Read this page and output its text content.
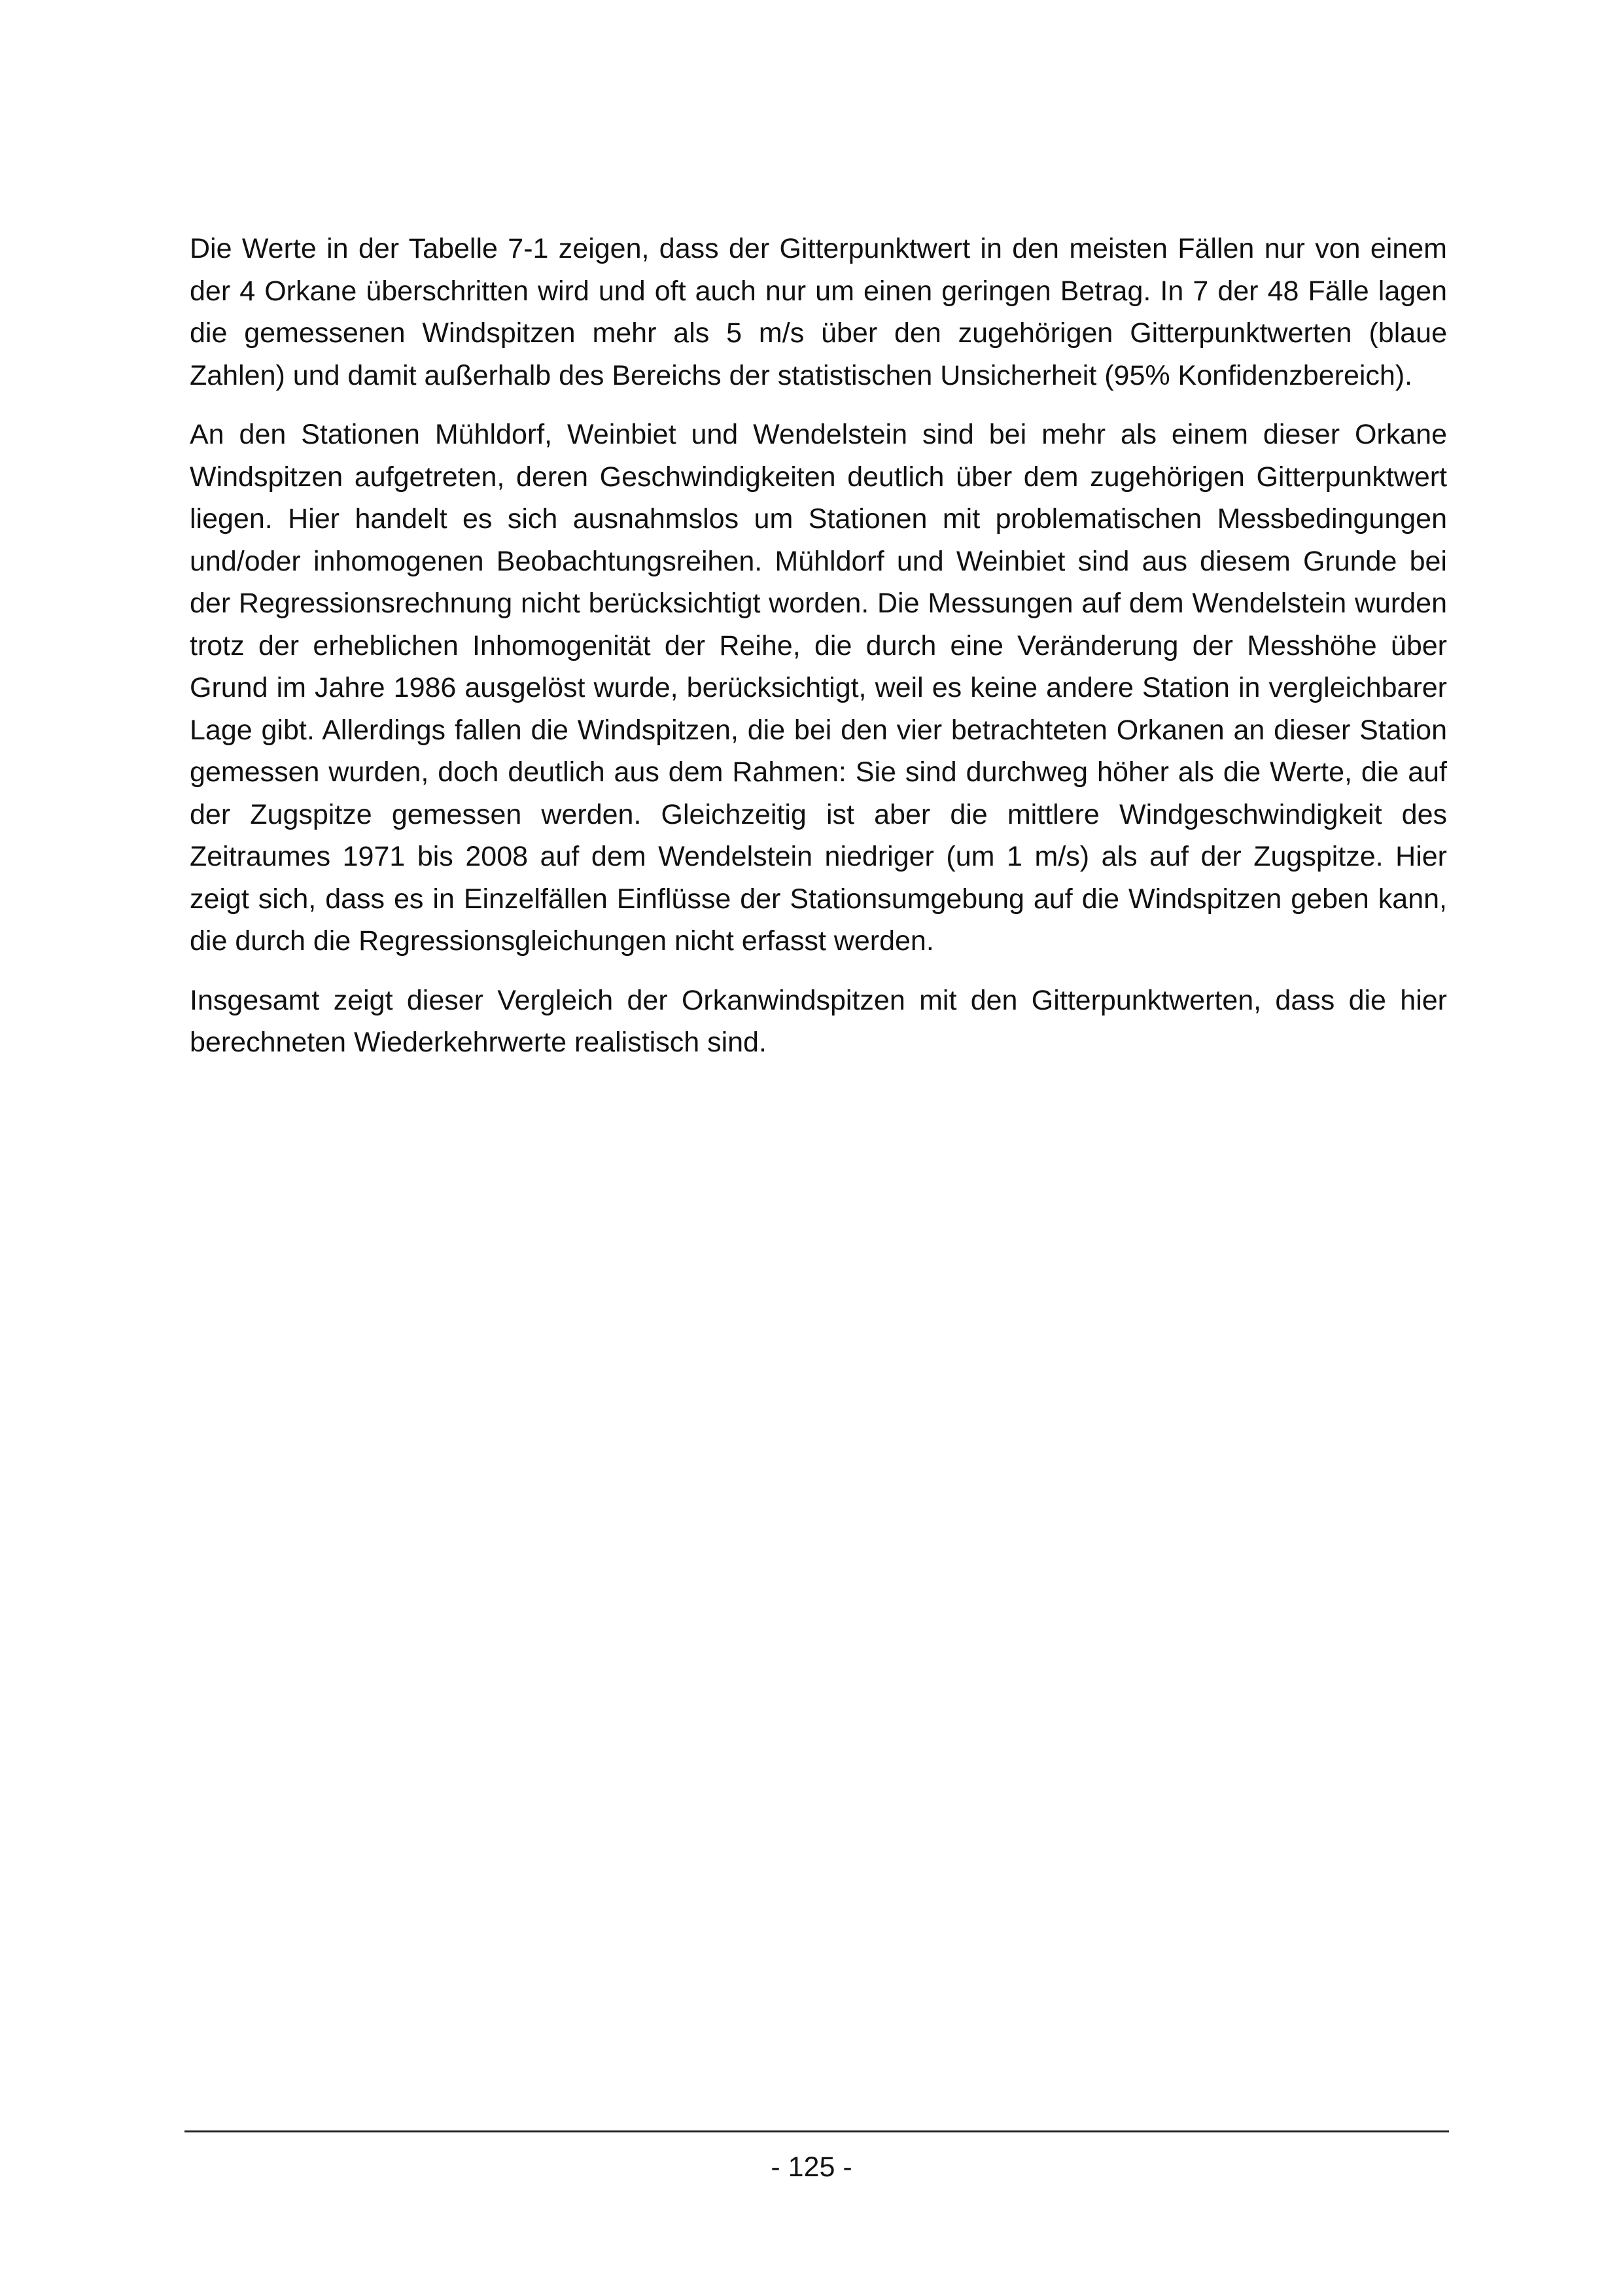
Die Werte in der Tabelle 7-1 zeigen, dass der Gitterpunktwert in den meisten Fällen nur von einem der 4 Orkane überschritten wird und oft auch nur um einen geringen Betrag. In 7 der 48 Fälle lagen die gemessenen Windspitzen mehr als 5 m/s über den zugehörigen Gitterpunktwerten (blaue Zahlen) und damit außerhalb des Bereichs der statistischen Unsicherheit (95% Konfidenzbereich).

An den Stationen Mühldorf, Weinbiet und Wendelstein sind bei mehr als einem dieser Orkane Windspitzen aufgetreten, deren Geschwindigkeiten deutlich über dem zugehörigen Gitterpunktwert liegen. Hier handelt es sich ausnahmslos um Stationen mit problematischen Messbedingungen und/oder inhomogenen Beobachtungsreihen. Mühldorf und Weinbiet sind aus diesem Grunde bei der Regressionsrechnung nicht berücksichtigt worden. Die Messungen auf dem Wendelstein wurden trotz der erheblichen Inhomogenität der Reihe, die durch eine Veränderung der Messhöhe über Grund im Jahre 1986 ausgelöst wurde, berücksichtigt, weil es keine andere Station in vergleichbarer Lage gibt. Allerdings fallen die Windspitzen, die bei den vier betrachteten Orkanen an dieser Station gemessen wurden, doch deutlich aus dem Rahmen: Sie sind durchweg höher als die Werte, die auf der Zugspitze gemessen werden. Gleichzeitig ist aber die mittlere Windgeschwindigkeit des Zeitraumes 1971 bis 2008 auf dem Wendelstein niedriger (um 1 m/s) als auf der Zugspitze. Hier zeigt sich, dass es in Einzelfällen Einflüsse der Stationsumgebung auf die Windspitzen geben kann, die durch die Regressionsgleichungen nicht erfasst werden.

Insgesamt zeigt dieser Vergleich der Orkanwindspitzen mit den Gitterpunktwerten, dass die hier berechneten Wiederkehrwerte realistisch sind.

- 125 -
